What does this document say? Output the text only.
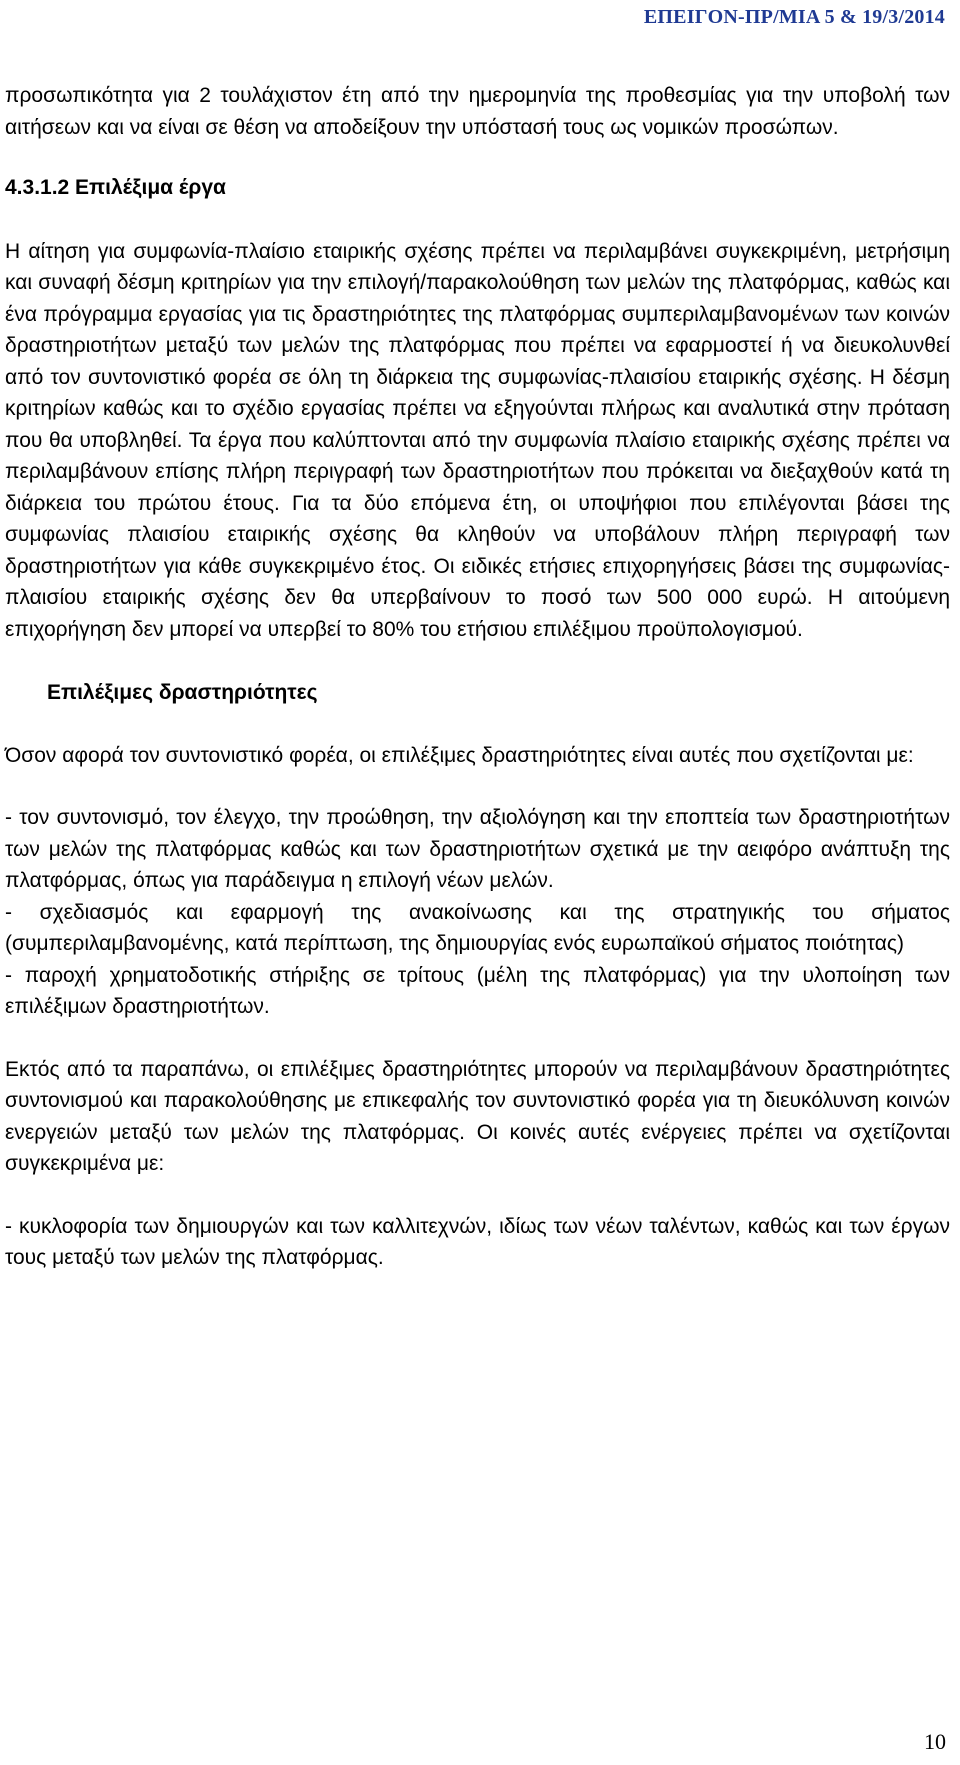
ΕΠΕΙΓΟΝ-ΠΡ/ΜΙΑ 5 & 19/3/2014

προσωπικότητα για 2 τουλάχιστον έτη από την ημερομηνία της προθεσμίας για την υποβολή των αιτήσεων και να είναι σε θέση να αποδείξουν την υπόστασή τους ως νομικών προσώπων.

4.3.1.2 Επιλέξιμα έργα

Η αίτηση για συμφωνία-πλαίσιο εταιρικής σχέσης πρέπει να περιλαμβάνει συγκεκριμένη, μετρήσιμη και συναφή δέσμη κριτηρίων για την επιλογή/παρακολούθηση των μελών της πλατφόρμας, καθώς και ένα πρόγραμμα εργασίας για τις δραστηριότητες της πλατφόρμας συμπεριλαμβανομένων των κοινών δραστηριοτήτων μεταξύ των μελών της πλατφόρμας που πρέπει να εφαρμοστεί ή να διευκολυνθεί από τον συντονιστικό φορέα σε όλη τη διάρκεια της συμφωνίας-πλαισίου εταιρικής σχέσης. Η δέσμη κριτηρίων καθώς και το σχέδιο εργασίας πρέπει να εξηγούνται πλήρως και αναλυτικά στην πρόταση που θα υποβληθεί. Τα έργα που καλύπτονται από την συμφωνία πλαίσιο εταιρικής σχέσης πρέπει να περιλαμβάνουν επίσης πλήρη περιγραφή των δραστηριοτήτων που πρόκειται να διεξαχθούν κατά τη διάρκεια του πρώτου έτους. Για τα δύο επόμενα έτη, οι υποψήφιοι που επιλέγονται βάσει της συμφωνίας πλαισίου εταιρικής σχέσης θα κληθούν να υποβάλουν πλήρη περιγραφή των δραστηριοτήτων για κάθε συγκεκριμένο έτος. Οι ειδικές ετήσιες επιχορηγήσεις βάσει της συμφωνίας-πλαισίου εταιρικής σχέσης δεν θα υπερβαίνουν το ποσό των 500 000 ευρώ. Η αιτούμενη επιχορήγηση δεν μπορεί να υπερβεί το 80% του ετήσιου επιλέξιμου προϋπολογισμού.

Επιλέξιμες δραστηριότητες

Όσον αφορά τον συντονιστικό φορέα, οι επιλέξιμες δραστηριότητες είναι αυτές που σχετίζονται με:

- τον συντονισμό, τον έλεγχο, την προώθηση, την αξιολόγηση και την εποπτεία των δραστηριοτήτων των μελών της πλατφόρμας καθώς και των δραστηριοτήτων σχετικά με την αειφόρο ανάπτυξη της πλατφόρμας, όπως για παράδειγμα η επιλογή νέων μελών.

- σχεδιασμός και εφαρμογή της ανακοίνωσης και της στρατηγικής του σήματος (συμπεριλαμβανομένης, κατά περίπτωση, της δημιουργίας ενός ευρωπαϊκού σήματος ποιότητας)

- παροχή χρηματοδοτικής στήριξης σε τρίτους (μέλη της πλατφόρμας) για την υλοποίηση των επιλέξιμων δραστηριοτήτων.

Εκτός από τα παραπάνω, οι επιλέξιμες δραστηριότητες μπορούν να περιλαμβάνουν δραστηριότητες συντονισμού και παρακολούθησης με επικεφαλής τον συντονιστικό φορέα για τη διευκόλυνση κοινών ενεργειών μεταξύ των μελών της πλατφόρμας. Οι κοινές αυτές ενέργειες πρέπει να σχετίζονται συγκεκριμένα με:

- κυκλοφορία των δημιουργών και των καλλιτεχνών, ιδίως των νέων ταλέντων, καθώς και των έργων τους μεταξύ των μελών της πλατφόρμας.

10
